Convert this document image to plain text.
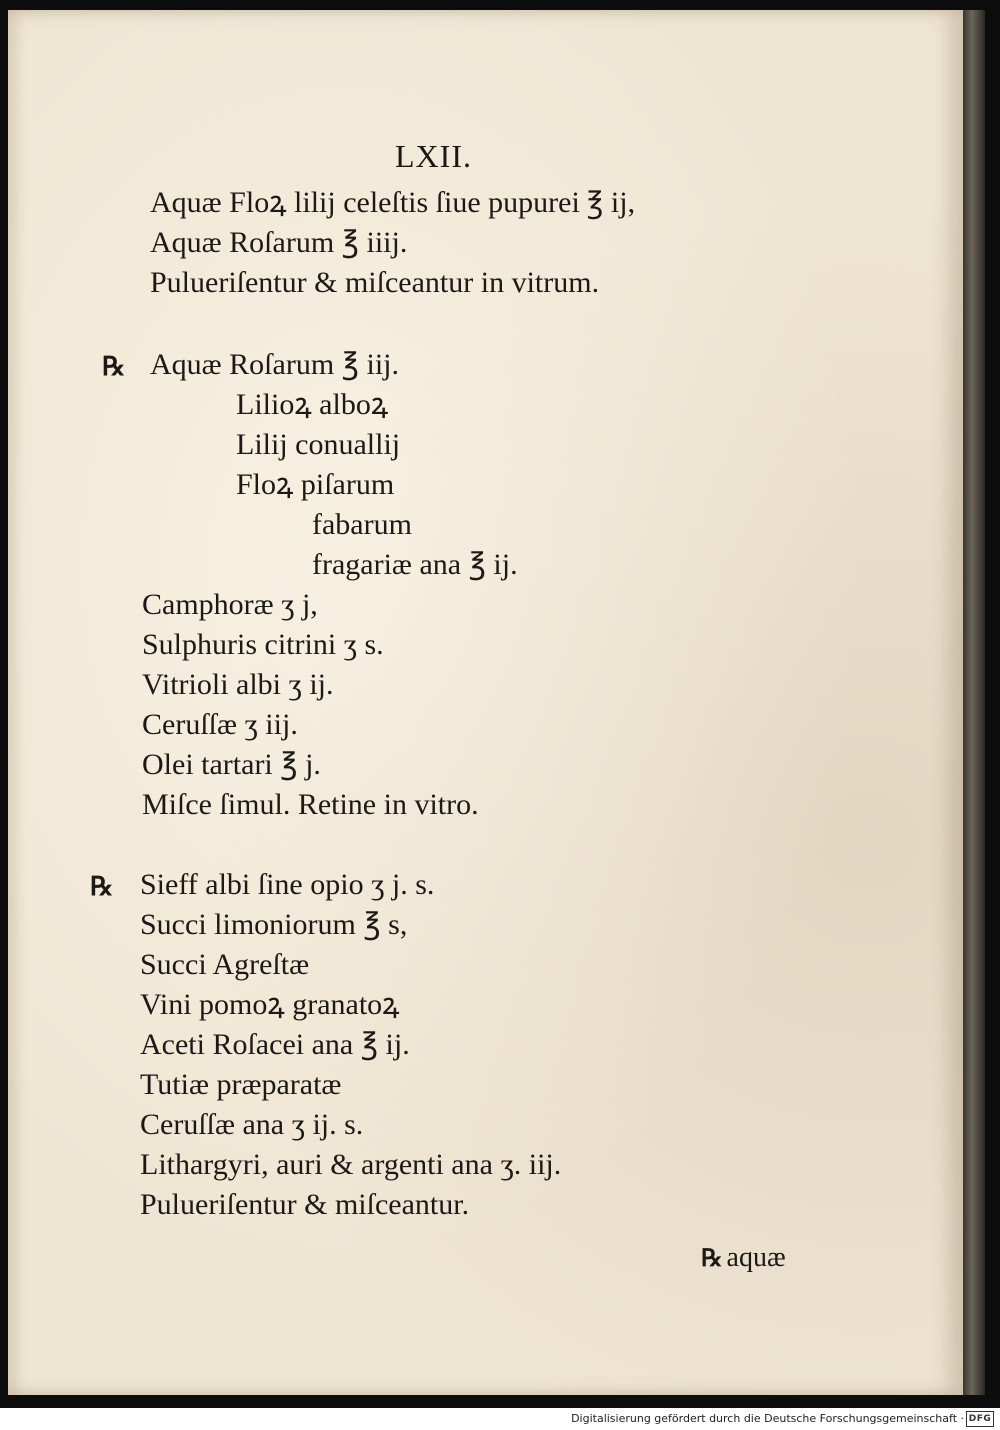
LXII.
Aquæ Floꝝ lilij celeſtis ſiue pupurei ℥ ij,
Aquæ Roſarum ℥ iiij.
Pulueriſentur & miſceantur in vitrum.
℞ Aquæ Roſarum ℥ iij.
Lilioꝝ alboꝝ
Lilij conuallij
Floꝝ piſarum
fabarum
fragariæ ana ℥ ij.
Camphoræ ʒ j,
Sulphuris citrini ʒ s.
Vitrioli albi ʒ ij.
Ceruſſæ ʒ iij.
Olei tartari ℥ j.
Miſce ſimul. Retine in vitro.
℞ Sieff albi ſine opio ʒ j. s.
Succi limoniorum ℥ s,
Succi Agreſtæ
Vini pomoꝝ granatoꝝ
Aceti Roſacei ana ℥ ij.
Tutiæ præparatæ
Ceruſſæ ana ʒ ij. s.
Lithargyri, auri & argenti ana ʒ. iij.
Pulueriſentur & miſceantur.
℞ aquæ
Digitalisierung gefördert durch die Deutsche Forschungsgemeinschaft · DFG
